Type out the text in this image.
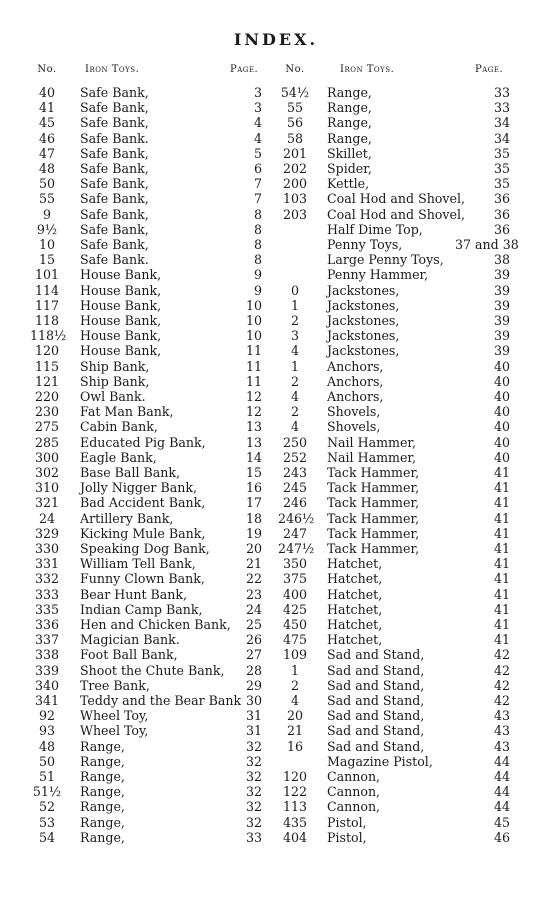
INDEX.
No.	Iron Toys.	Page.	No.	Iron Toys.	Page.
40	Safe Bank,	3
41	Safe Bank,	3
45	Safe Bank,	4
46	Safe Bank.	4
47	Safe Bank,	5
48	Safe Bank,	6
50	Safe Bank,	7
55	Safe Bank,	7
9	Safe Bank,	8
9½	Safe Bank,	8
10	Safe Bank,	8
15	Safe Bank.	8
101	House Bank,	9
114	House Bank,	9
117	House Bank,	10
118	House Bank,	10
118½ House Bank,	10
120	House Bank,	11
115	Ship Bank,	11
121	Ship Bank,	11
220	Owl Bank.	12
230	Fat Man Bank,	12
275	Cabin Bank,	13
285	Educated Pig Bank,	13
300	Eagle Bank,	14
302	Base Ball Bank,	15
310	Jolly Nigger Bank,	16
321	Bad Accident Bank,	17
24	Artillery Bank,	18
329	Kicking Mule Bank,	19
330	Speaking Dog Bank,	20
331	William Tell Bank,	21
332	Funny Clown Bank,	22
333	Bear Hunt Bank,	23
335	Indian Camp Bank,	24
336	Hen and Chicken Bank,	25
337	Magician Bank.	26
338	Foot Ball Bank,	27
339	Shoot the Chute Bank,	28
340	Tree Bank,	29
341	Teddy and the Bear Bank 30
92	Wheel Toy,	31
93	Wheel Toy,	31
48	Range,	32
50	Range,	32
51	Range,	32
51½ Range,	32
52	Range,	32
53	Range,	32
54	Range,	33
54½ Range,	33
55	Range,	33
56	Range,	34
58	Range,	34
201	Skillet,	35
202	Spider,	35
200	Kettle,	35
103	Coal Hod and Shovel,	36
203	Coal Hod and Shovel,	36
Half Dime Top,	36
Penny Toys,	37 and 38
Large Penny Toys,	38
Penny Hammer,	39
0	Jackstones,	39
1	Jackstones,	39
2	Jackstones,	39
3	Jackstones,	39
4	Jackstones,	39
1	Anchors,	40
2	Anchors,	40
4	Anchors,	40
2	Shovels,	40
4	Shovels,	40
250	Nail Hammer,	40
252	Nail Hammer,	40
243	Tack Hammer,	41
245	Tack Hammer,	41
246	Tack Hammer,	41
246½ Tack Hammer,	41
247	Tack Hammer,	41
247½ Tack Hammer,	41
350	Hatchet,	41
375	Hatchet,	41
400	Hatchet,	41
425	Hatchet,	41
450	Hatchet,	41
475	Hatchet,	41
109	Sad and Stand,	42
1	Sad and Stand,	42
2	Sad and Stand,	42
4	Sad and Stand,	42
20	Sad and Stand,	43
21	Sad and Stand,	43
16	Sad and Stand,	43
Magazine Pistol,	44
120	Cannon,	44
122	Cannon,	44
113	Cannon,	44
435	Pistol,	45
404	Pistol,	46
